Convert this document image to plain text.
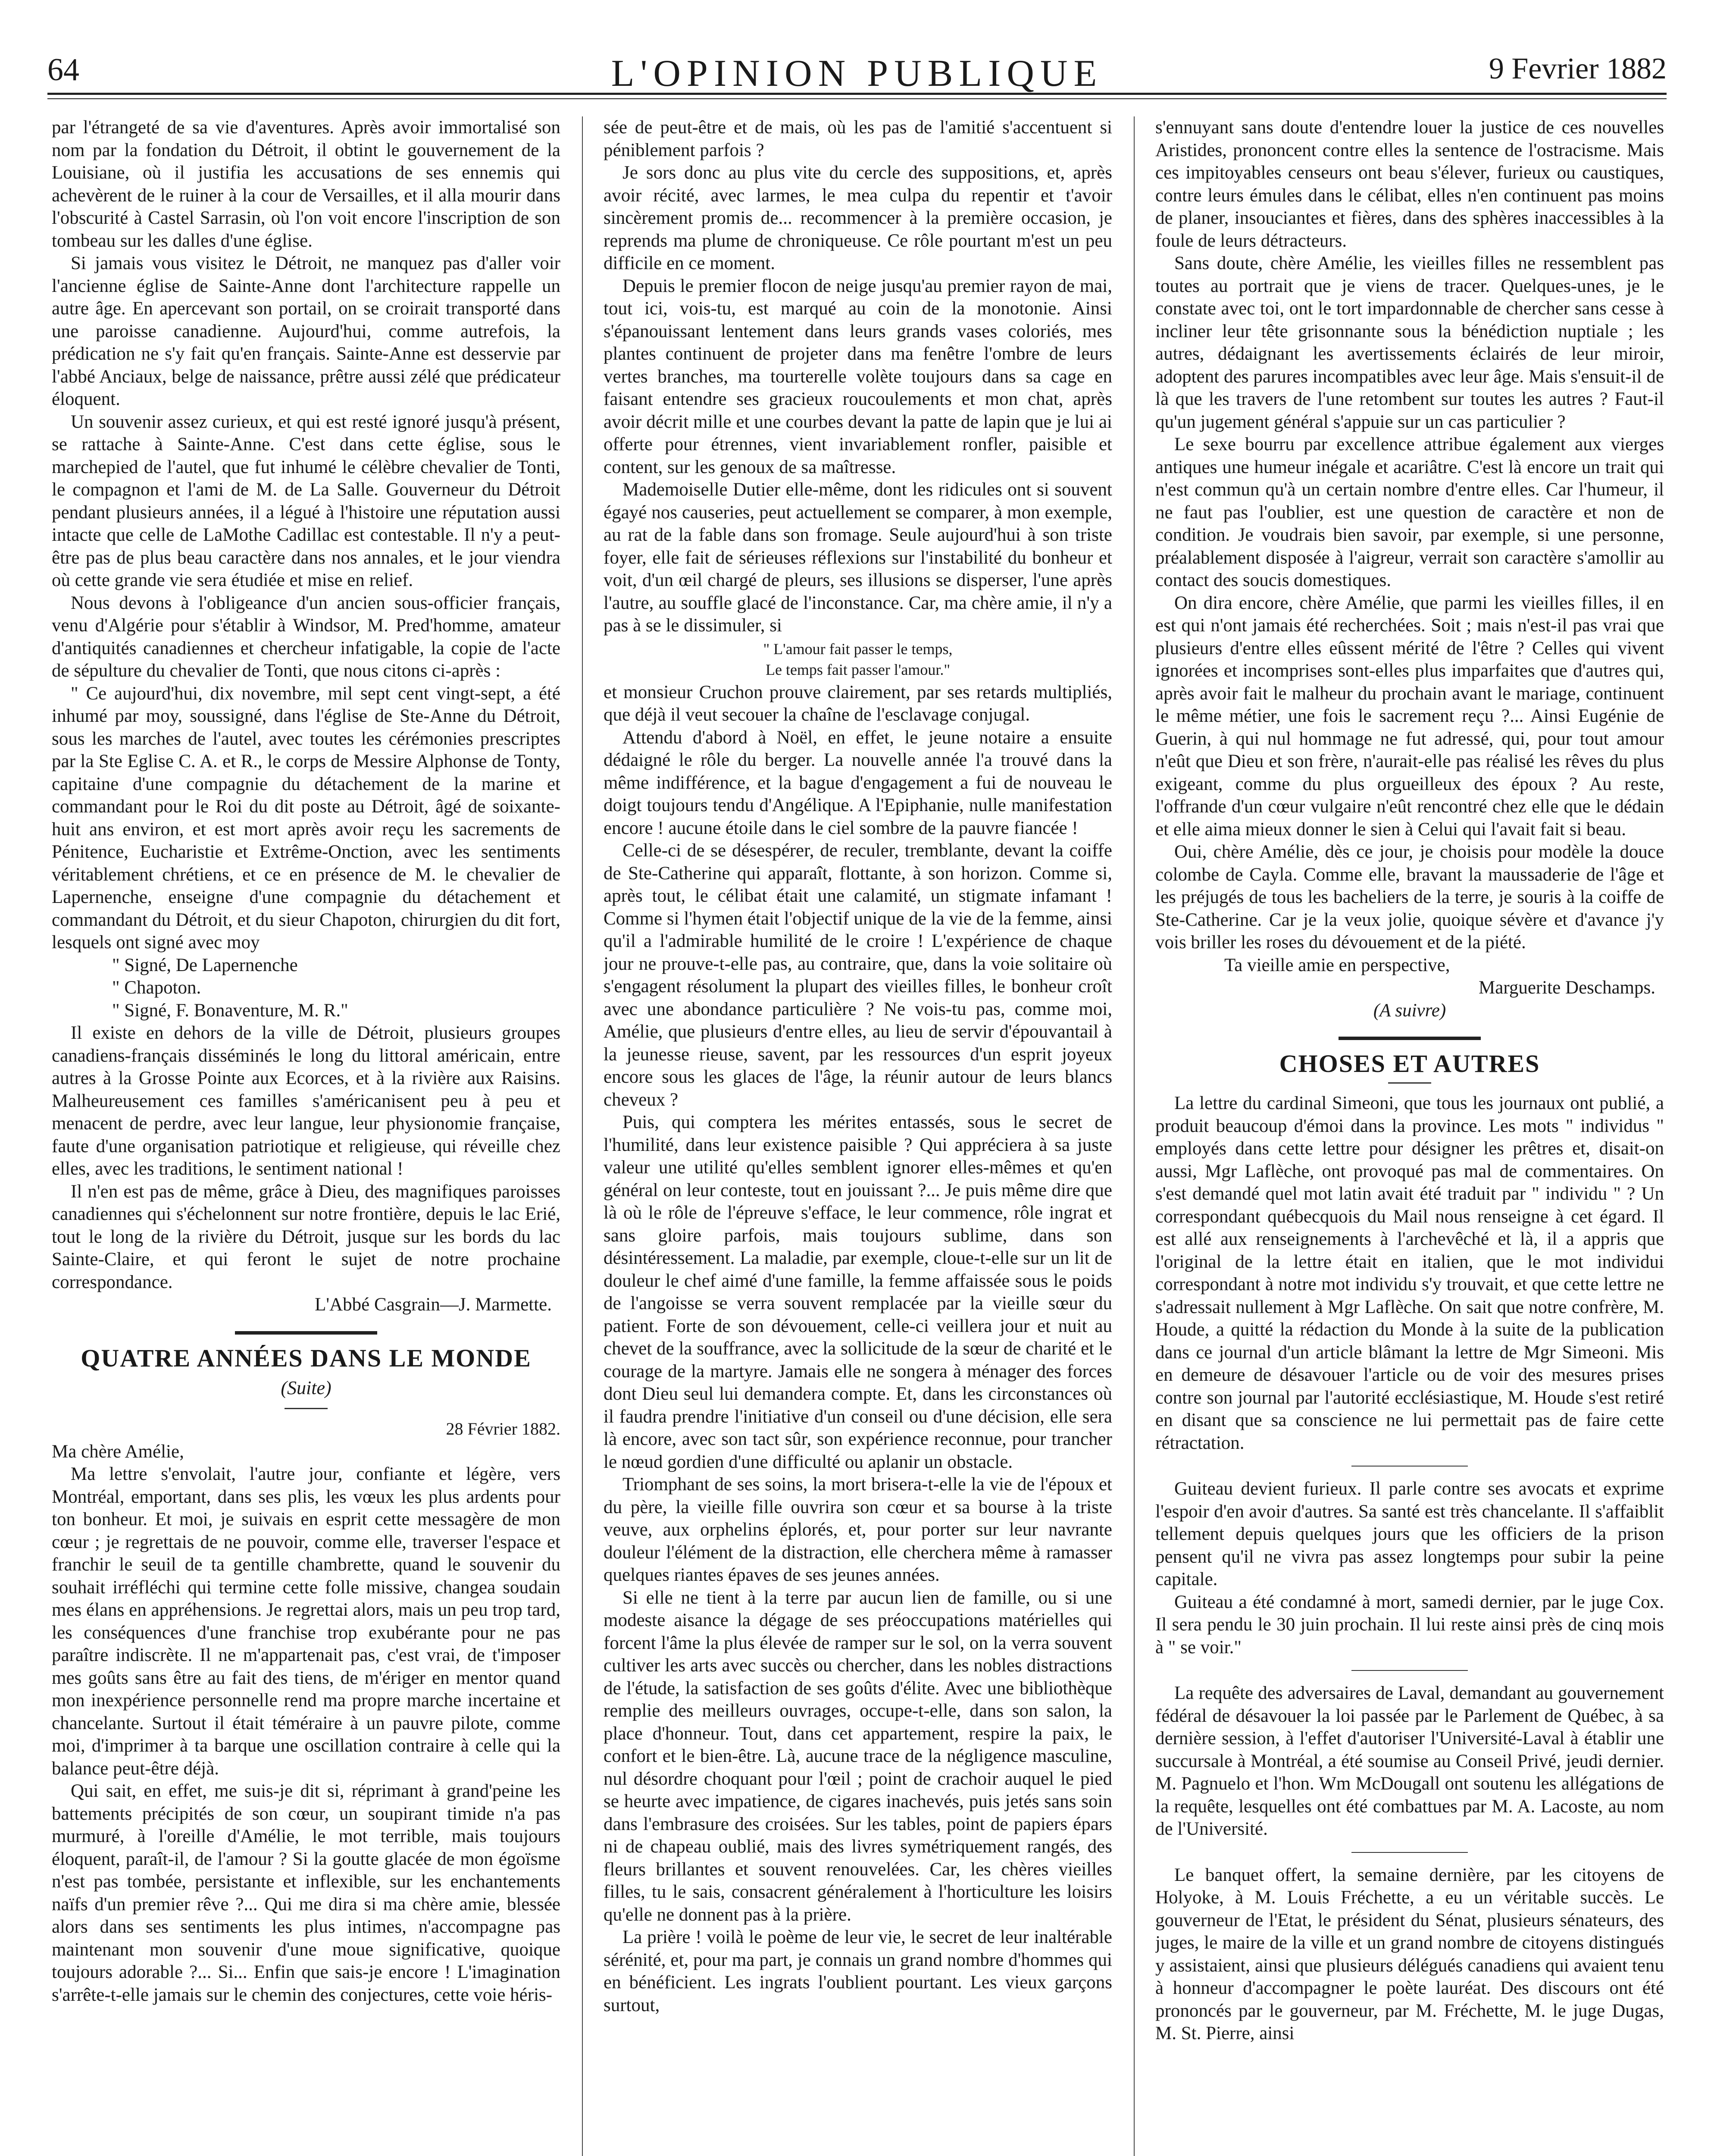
64	L'OPINION PUBLIQUE	9 Fevrier 1882

par l'étrangeté de sa vie d'aventures. Après avoir immortalisé son nom par la fondation du Détroit, il obtint le gouvernement de la Louisiane, où il justifia les accusations de ses ennemis qui achevèrent de le ruiner à la cour de Versailles, et il alla mourir dans l'obscurité à Castel Sarrasin, où l'on voit encore l'inscription de son tombeau sur les dalles d'une église.

Si jamais vous visitez le Détroit, ne manquez pas d'aller voir l'ancienne église de Sainte-Anne dont l'architecture rappelle un autre âge. En apercevant son portail, on se croirait transporté dans une paroisse canadienne. Aujourd'hui, comme autrefois, la prédication ne s'y fait qu'en français. Sainte-Anne est desservie par l'abbé Anciaux, belge de naissance, prêtre aussi zélé que prédicateur éloquent.

Un souvenir assez curieux, et qui est resté ignoré jusqu'à présent, se rattache à Sainte-Anne. C'est dans cette église, sous le marchepied de l'autel, que fut inhumé le célèbre chevalier de Tonti, le compagnon et l'ami de M. de La Salle. Gouverneur du Détroit pendant plusieurs années, il a légué à l'histoire une réputation aussi intacte que celle de LaMothe Cadillac est contestable. Il n'y a peut-être pas de plus beau caractère dans nos annales, et le jour viendra où cette grande vie sera étudiée et mise en relief.

Nous devons à l'obligeance d'un ancien sous-officier français, venu d'Algérie pour s'établir à Windsor, M. Pred'homme, amateur d'antiquités canadiennes et chercheur infatigable, la copie de l'acte de sépulture du chevalier de Tonti, que nous citons ci-après :

" Ce aujourd'hui, dix novembre, mil sept cent vingt-sept, a été inhumé par moy, soussigné, dans l'église de Ste-Anne du Détroit, sous les marches de l'autel, avec toutes les cérémonies prescriptes par la Ste Eglise C. A. et R., le corps de Messire Alphonse de Tonty, capitaine d'une compagnie du détachement de la marine et commandant pour le Roi du dit poste au Détroit, âgé de soixante-huit ans environ, et est mort après avoir reçu les sacrements de Pénitence, Eucharistie et Extrême-Onction, avec les sentiments véritablement chrétiens, et ce en présence de M. le chevalier de Lapernenche, enseigne d'une compagnie du détachement et commandant du Détroit, et du sieur Chapoton, chirurgien du dit fort, lesquels ont signé avec moy

" Signé, De Lapernenche

" Chapoton.

" Signé, F. Bonaventure, M. R."

Il existe en dehors de la ville de Détroit, plusieurs groupes canadiens-français disséminés le long du littoral américain, entre autres à la Grosse Pointe aux Ecorces, et à la rivière aux Raisins. Malheureusement ces familles s'américanisent peu à peu et menacent de perdre, avec leur langue, leur physionomie française, faute d'une organisation patriotique et religieuse, qui réveille chez elles, avec les traditions, le sentiment national !

Il n'en est pas de même, grâce à Dieu, des magnifiques paroisses canadiennes qui s'échelonnent sur notre frontière, depuis le lac Erié, tout le long de la rivière du Détroit, jusque sur les bords du lac Sainte-Claire, et qui feront le sujet de notre prochaine correspondance.

L'Abbé Casgrain—J. Marmette.

QUATRE ANNÉES DANS LE MONDE

(Suite)

28 Février 1882.

Ma chère Amélie,

Ma lettre s'envolait, l'autre jour, confiante et légère, vers Montréal, emportant, dans ses plis, les vœux les plus ardents pour ton bonheur. Et moi, je suivais en esprit cette messagère de mon cœur ; je regrettais de ne pouvoir, comme elle, traverser l'espace et franchir le seuil de ta gentille chambrette, quand le souvenir du souhait irréfléchi qui termine cette folle missive, changea soudain mes élans en appréhensions. Je regrettai alors, mais un peu trop tard, les conséquences d'une franchise trop exubérante pour ne pas paraître indiscrète. Il ne m'appartenait pas, c'est vrai, de t'imposer mes goûts sans être au fait des tiens, de m'ériger en mentor quand mon inexpérience personnelle rend ma propre marche incertaine et chancelante. Surtout il était téméraire à un pauvre pilote, comme moi, d'imprimer à ta barque une oscillation contraire à celle qui la balance peut-être déjà.

Qui sait, en effet, me suis-je dit si, réprimant à grand'peine les battements précipités de son cœur, un soupirant timide n'a pas murmuré, à l'oreille d'Amélie, le mot terrible, mais toujours éloquent, paraît-il, de l'amour ? Si la goutte glacée de mon égoïsme n'est pas tombée, persistante et inflexible, sur les enchantements naïfs d'un premier rêve ?... Qui me dira si ma chère amie, blessée alors dans ses sentiments les plus intimes, n'accompagne pas maintenant mon souvenir d'une moue significative, quoique toujours adorable ?... Si... Enfin que sais-je encore ! L'imagination s'arrête-t-elle jamais sur le chemin des conjectures, cette voie héris-

sée de peut-être et de mais, où les pas de l'amitié s'accentuent si péniblement parfois ?

Je sors donc au plus vite du cercle des suppositions, et, après avoir récité, avec larmes, le mea culpa du repentir et t'avoir sincèrement promis de... recommencer à la première occasion, je reprends ma plume de chroniqueuse. Ce rôle pourtant m'est un peu difficile en ce moment.

Depuis le premier flocon de neige jusqu'au premier rayon de mai, tout ici, vois-tu, est marqué au coin de la monotonie. Ainsi s'épanouissant lentement dans leurs grands vases coloriés, mes plantes continuent de projeter dans ma fenêtre l'ombre de leurs vertes branches, ma tourterelle volète toujours dans sa cage en faisant entendre ses gracieux roucoulements et mon chat, après avoir décrit mille et une courbes devant la patte de lapin que je lui ai offerte pour étrennes, vient invariablement ronfler, paisible et content, sur les genoux de sa maîtresse.

Mademoiselle Dutier elle-même, dont les ridicules ont si souvent égayé nos causeries, peut actuellement se comparer, à mon exemple, au rat de la fable dans son fromage. Seule aujourd'hui à son triste foyer, elle fait de sérieuses réflexions sur l'instabilité du bonheur et voit, d'un œil chargé de pleurs, ses illusions se disperser, l'une après l'autre, au souffle glacé de l'inconstance. Car, ma chère amie, il n'y a pas à se le dissimuler, si

" L'amour fait passer le temps,

Le temps fait passer l'amour."

et monsieur Cruchon prouve clairement, par ses retards multipliés, que déjà il veut secouer la chaîne de l'esclavage conjugal.

Attendu d'abord à Noël, en effet, le jeune notaire a ensuite dédaigné le rôle du berger. La nouvelle année l'a trouvé dans la même indifférence, et la bague d'engagement a fui de nouveau le doigt toujours tendu d'Angélique. A l'Epiphanie, nulle manifestation encore ! aucune étoile dans le ciel sombre de la pauvre fiancée !

Celle-ci de se désespérer, de reculer, tremblante, devant la coiffe de Ste-Catherine qui apparaît, flottante, à son horizon. Comme si, après tout, le célibat était une calamité, un stigmate infamant ! Comme si l'hymen était l'objectif unique de la vie de la femme, ainsi qu'il a l'admirable humilité de le croire ! L'expérience de chaque jour ne prouve-t-elle pas, au contraire, que, dans la voie solitaire où s'engagent résolument la plupart des vieilles filles, le bonheur croît avec une abondance particulière ? Ne vois-tu pas, comme moi, Amélie, que plusieurs d'entre elles, au lieu de servir d'épouvantail à la jeunesse rieuse, savent, par les ressources d'un esprit joyeux encore sous les glaces de l'âge, la réunir autour de leurs blancs cheveux ?

Puis, qui comptera les mérites entassés, sous le secret de l'humilité, dans leur existence paisible ? Qui appréciera à sa juste valeur une utilité qu'elles semblent ignorer elles-mêmes et qu'en général on leur conteste, tout en jouissant ?... Je puis même dire que là où le rôle de l'épreuve s'efface, le leur commence, rôle ingrat et sans gloire parfois, mais toujours sublime, dans son désintéressement. La maladie, par exemple, cloue-t-elle sur un lit de douleur le chef aimé d'une famille, la femme affaissée sous le poids de l'angoisse se verra souvent remplacée par la vieille sœur du patient. Forte de son dévouement, celle-ci veillera jour et nuit au chevet de la souffrance, avec la sollicitude de la sœur de charité et le courage de la martyre. Jamais elle ne songera à ménager des forces dont Dieu seul lui demandera compte. Et, dans les circonstances où il faudra prendre l'initiative d'un conseil ou d'une décision, elle sera là encore, avec son tact sûr, son expérience reconnue, pour trancher le nœud gordien d'une difficulté ou aplanir un obstacle.

Triomphant de ses soins, la mort brisera-t-elle la vie de l'époux et du père, la vieille fille ouvrira son cœur et sa bourse à la triste veuve, aux orphelins éplorés, et, pour porter sur leur navrante douleur l'élément de la distraction, elle cherchera même à ramasser quelques riantes épaves de ses jeunes années.

Si elle ne tient à la terre par aucun lien de famille, ou si une modeste aisance la dégage de ses préoccupations matérielles qui forcent l'âme la plus élevée de ramper sur le sol, on la verra souvent cultiver les arts avec succès ou chercher, dans les nobles distractions de l'étude, la satisfaction de ses goûts d'élite. Avec une bibliothèque remplie des meilleurs ouvrages, occupe-t-elle, dans son salon, la place d'honneur. Tout, dans cet appartement, respire la paix, le confort et le bien-être. Là, aucune trace de la négligence masculine, nul désordre choquant pour l'œil ; point de crachoir auquel le pied se heurte avec impatience, de cigares inachevés, puis jetés sans soin dans l'embrasure des croisées. Sur les tables, point de papiers épars ni de chapeau oublié, mais des livres symétriquement rangés, des fleurs brillantes et souvent renouvelées. Car, les chères vieilles filles, tu le sais, consacrent généralement à l'horticulture les loisirs qu'elle ne donnent pas à la prière.

La prière ! voilà le poème de leur vie, le secret de leur inaltérable sérénité, et, pour ma part, je connais un grand nombre d'hommes qui en bénéficient. Les ingrats l'oublient pourtant. Les vieux garçons surtout,

s'ennuyant sans doute d'entendre louer la justice de ces nouvelles Aristides, prononcent contre elles la sentence de l'ostracisme. Mais ces impitoyables censeurs ont beau s'élever, furieux ou caustiques, contre leurs émules dans le célibat, elles n'en continuent pas moins de planer, insouciantes et fières, dans des sphères inaccessibles à la foule de leurs détracteurs.

Sans doute, chère Amélie, les vieilles filles ne ressemblent pas toutes au portrait que je viens de tracer. Quelques-unes, je le constate avec toi, ont le tort impardonnable de chercher sans cesse à incliner leur tête grisonnante sous la bénédiction nuptiale ; les autres, dédaignant les avertissements éclairés de leur miroir, adoptent des parures incompatibles avec leur âge. Mais s'ensuit-il de là que les travers de l'une retombent sur toutes les autres ? Faut-il qu'un jugement général s'appuie sur un cas particulier ?

Le sexe bourru par excellence attribue également aux vierges antiques une humeur inégale et acariâtre. C'est là encore un trait qui n'est commun qu'à un certain nombre d'entre elles. Car l'humeur, il ne faut pas l'oublier, est une question de caractère et non de condition. Je voudrais bien savoir, par exemple, si une personne, préalablement disposée à l'aigreur, verrait son caractère s'amollir au contact des soucis domestiques.

On dira encore, chère Amélie, que parmi les vieilles filles, il en est qui n'ont jamais été recherchées. Soit ; mais n'est-il pas vrai que plusieurs d'entre elles eûssent mérité de l'être ? Celles qui vivent ignorées et incomprises sont-elles plus imparfaites que d'autres qui, après avoir fait le malheur du prochain avant le mariage, continuent le même métier, une fois le sacrement reçu ?... Ainsi Eugénie de Guerin, à qui nul hommage ne fut adressé, qui, pour tout amour n'eût que Dieu et son frère, n'aurait-elle pas réalisé les rêves du plus exigeant, comme du plus orgueilleux des époux ? Au reste, l'offrande d'un cœur vulgaire n'eût rencontré chez elle que le dédain et elle aima mieux donner le sien à Celui qui l'avait fait si beau.

Oui, chère Amélie, dès ce jour, je choisis pour modèle la douce colombe de Cayla. Comme elle, bravant la maussaderie de l'âge et les préjugés de tous les bacheliers de la terre, je souris à la coiffe de Ste-Catherine. Car je la veux jolie, quoique sévère et d'avance j'y vois briller les roses du dévouement et de la piété.

Ta vieille amie en perspective,

Marguerite Deschamps.

(A suivre)

CHOSES ET AUTRES

La lettre du cardinal Simeoni, que tous les journaux ont publié, a produit beaucoup d'émoi dans la province. Les mots " individus " employés dans cette lettre pour désigner les prêtres et, disait-on aussi, Mgr Laflèche, ont provoqué pas mal de commentaires. On s'est demandé quel mot latin avait été traduit par " individu " ? Un correspondant québecquois du Mail nous renseigne à cet égard. Il est allé aux renseignements à l'archevêché et là, il a appris que l'original de la lettre était en italien, que le mot individui correspondant à notre mot individu s'y trouvait, et que cette lettre ne s'adressait nullement à Mgr Laflèche. On sait que notre confrère, M. Houde, a quitté la rédaction du Monde à la suite de la publication dans ce journal d'un article blâmant la lettre de Mgr Simeoni. Mis en demeure de désavouer l'article ou de voir des mesures prises contre son journal par l'autorité ecclésiastique, M. Houde s'est retiré en disant que sa conscience ne lui permettait pas de faire cette rétractation.

Guiteau devient furieux. Il parle contre ses avocats et exprime l'espoir d'en avoir d'autres. Sa santé est très chancelante. Il s'affaiblit tellement depuis quelques jours que les officiers de la prison pensent qu'il ne vivra pas assez longtemps pour subir la peine capitale.

Guiteau a été condamné à mort, samedi dernier, par le juge Cox. Il sera pendu le 30 juin prochain. Il lui reste ainsi près de cinq mois à " se voir."

La requête des adversaires de Laval, demandant au gouvernement fédéral de désavouer la loi passée par le Parlement de Québec, à sa dernière session, à l'effet d'autoriser l'Université-Laval à établir une succursale à Montréal, a été soumise au Conseil Privé, jeudi dernier. M. Pagnuelo et l'hon. Wm McDougall ont soutenu les allégations de la requête, lesquelles ont été combattues par M. A. Lacoste, au nom de l'Université.

Le banquet offert, la semaine dernière, par les citoyens de Holyoke, à M. Louis Fréchette, a eu un véritable succès. Le gouverneur de l'Etat, le président du Sénat, plusieurs sénateurs, des juges, le maire de la ville et un grand nombre de citoyens distingués y assistaient, ainsi que plusieurs délégués canadiens qui avaient tenu à honneur d'accompagner le poète lauréat. Des discours ont été prononcés par le gouverneur, par M. Fréchette, M. le juge Dugas, M. St. Pierre, ainsi
